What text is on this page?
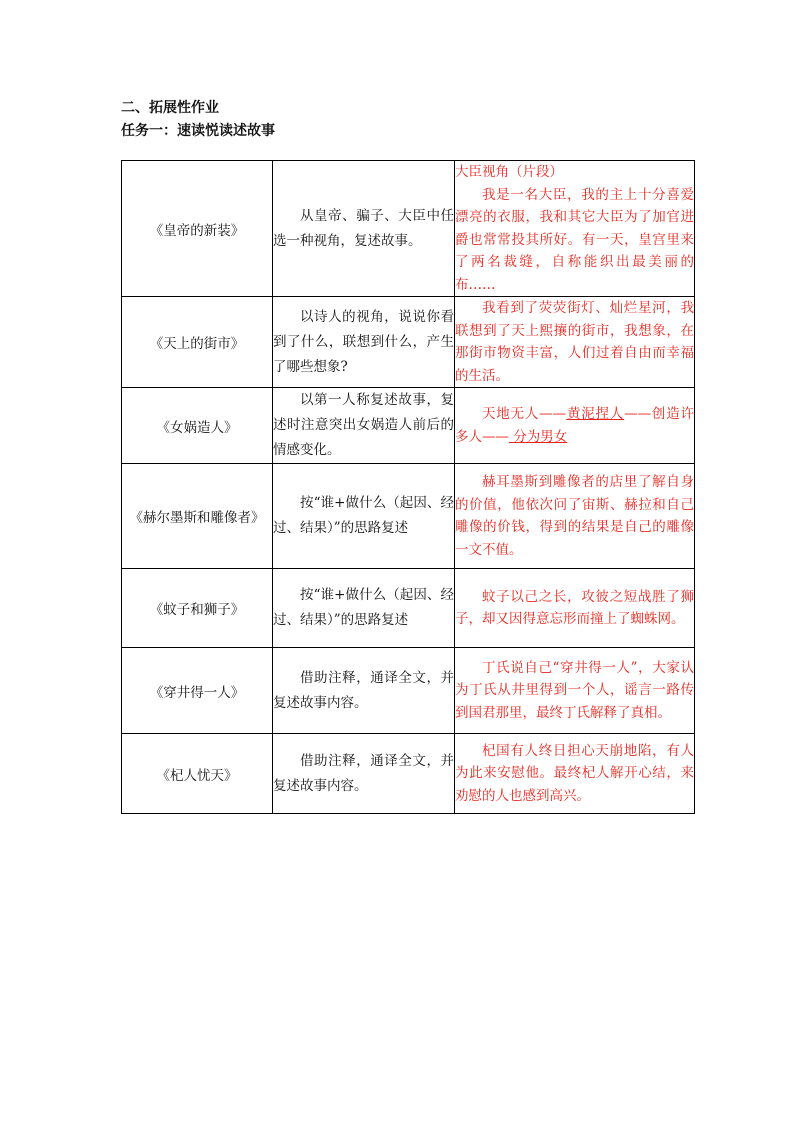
二、拓展性作业

任务一：速读悦读述故事

《皇帝的新装》	从皇帝、骗子、大臣中任选一种视角，复述故事。	大臣视角（片段）
我是一名大臣，我的主上十分喜爱漂亮的衣服，我和其它大臣为了加官进爵也常常投其所好。有一天，皇宫里来了两名裁缝，自称能织出最美丽的布……

《天上的街市》	以诗人的视角，说说你看到了什么，联想到什么，产生了哪些想象?	我看到了荧荧街灯、灿烂星河，我联想到了天上熙攘的街市，我想象，在那街市物资丰富，人们过着自由而幸福的生活。

《女娲造人》	以第一人称复述故事，复述时注意突出女娲造人前后的情感变化。	天地无人——黄泥捏人——创造许多人—— 分为男女

《赫尔墨斯和雕像者》	按“谁+做什么（起因、经过、结果）”的思路复述	赫耳墨斯到雕像者的店里了解自身的价值，他依次问了宙斯、赫拉和自己雕像的价钱，得到的结果是自己的雕像一文不值。

《蚊子和狮子》	按“谁+做什么（起因、经过、结果）”的思路复述	蚊子以己之长，攻彼之短战胜了狮子，却又因得意忘形而撞上了蜘蛛网。

《穿井得一人》	借助注释，通译全文，并复述故事内容。	丁氏说自己“穿井得一人”，大家认为丁氏从井里得到一个人，谣言一路传到国君那里，最终丁氏解释了真相。

《杞人忧天》	借助注释，通译全文，并复述故事内容。	杞国有人终日担心天崩地陷，有人为此来安慰他。最终杞人解开心结，来劝慰的人也感到高兴。
